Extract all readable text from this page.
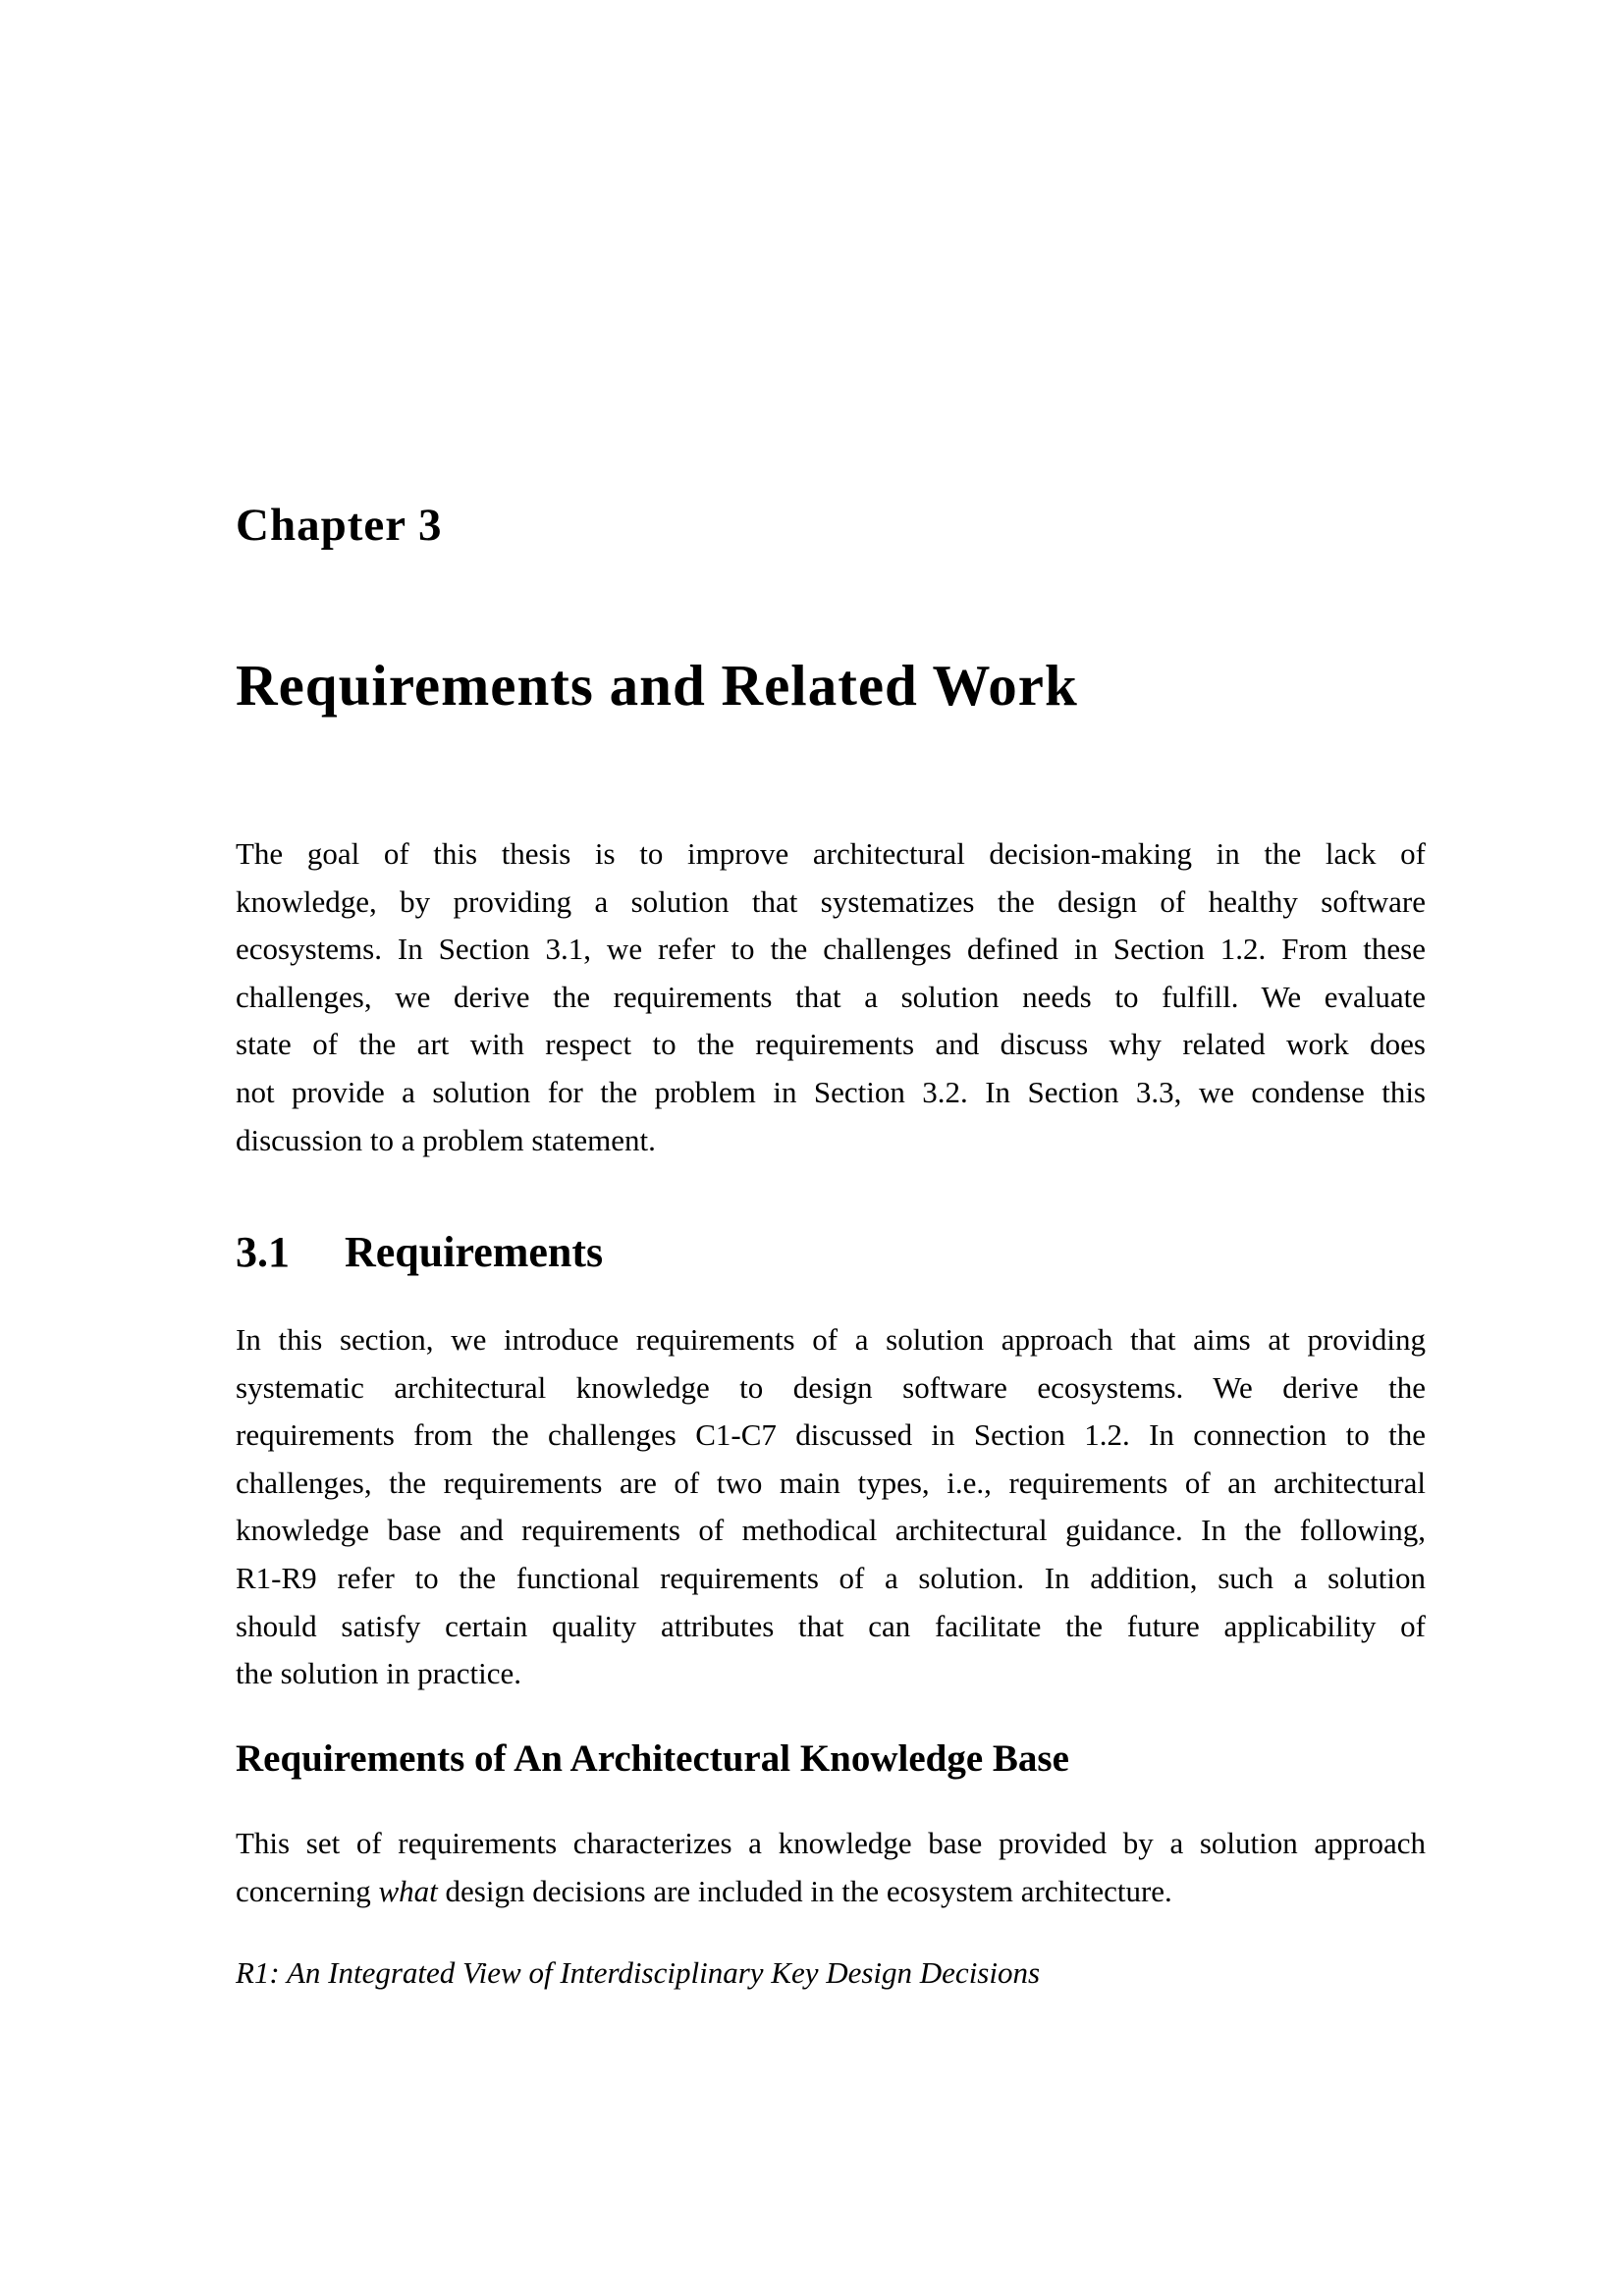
Chapter 3
Requirements and Related Work
The goal of this thesis is to improve architectural decision-making in the lack of
knowledge, by providing a solution that systematizes the design of healthy software
ecosystems. In Section 3.1, we refer to the challenges defined in Section 1.2. From these
challenges, we derive the requirements that a solution needs to fulfill. We evaluate
state of the art with respect to the requirements and discuss why related work does
not provide a solution for the problem in Section 3.2. In Section 3.3, we condense this
discussion to a problem statement.
3.1 Requirements
In this section, we introduce requirements of a solution approach that aims at providing
systematic architectural knowledge to design software ecosystems. We derive the
requirements from the challenges C1-C7 discussed in Section 1.2. In connection to the
challenges, the requirements are of two main types, i.e., requirements of an architectural
knowledge base and requirements of methodical architectural guidance. In the following,
R1-R9 refer to the functional requirements of a solution. In addition, such a solution
should satisfy certain quality attributes that can facilitate the future applicability of
the solution in practice.
Requirements of An Architectural Knowledge Base
This set of requirements characterizes a knowledge base provided by a solution approach
concerning what design decisions are included in the ecosystem architecture.
R1: An Integrated View of Interdisciplinary Key Design Decisions
